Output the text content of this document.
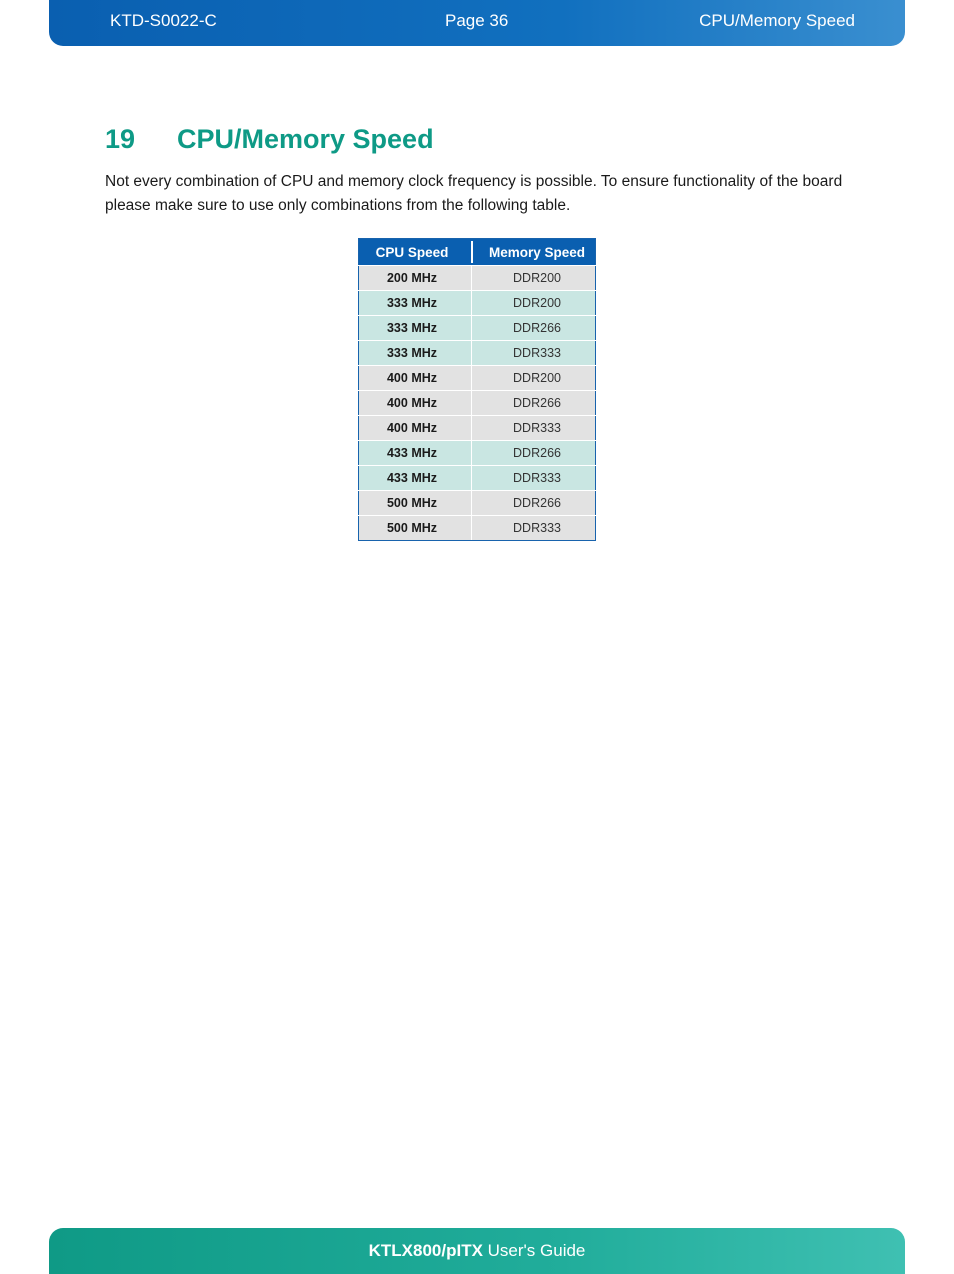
KTD-S0022-C	Page 36	CPU/Memory Speed
19 CPU/Memory Speed

Not every combination of CPU and memory clock frequency is possible. To ensure functionality of the board please make sure to use only combinations from the following table.

CPU Speed		Memory Speed
200 MHz		DDR200
333 MHz		DDR200
333 MHz		DDR266
333 MHz		DDR333
400 MHz		DDR200
400 MHz		DDR266
400 MHz		DDR333
433 MHz		DDR266
433 MHz		DDR333
500 MHz		DDR266
500 MHz		DDR333
KTLX800/pITX User's Guide
